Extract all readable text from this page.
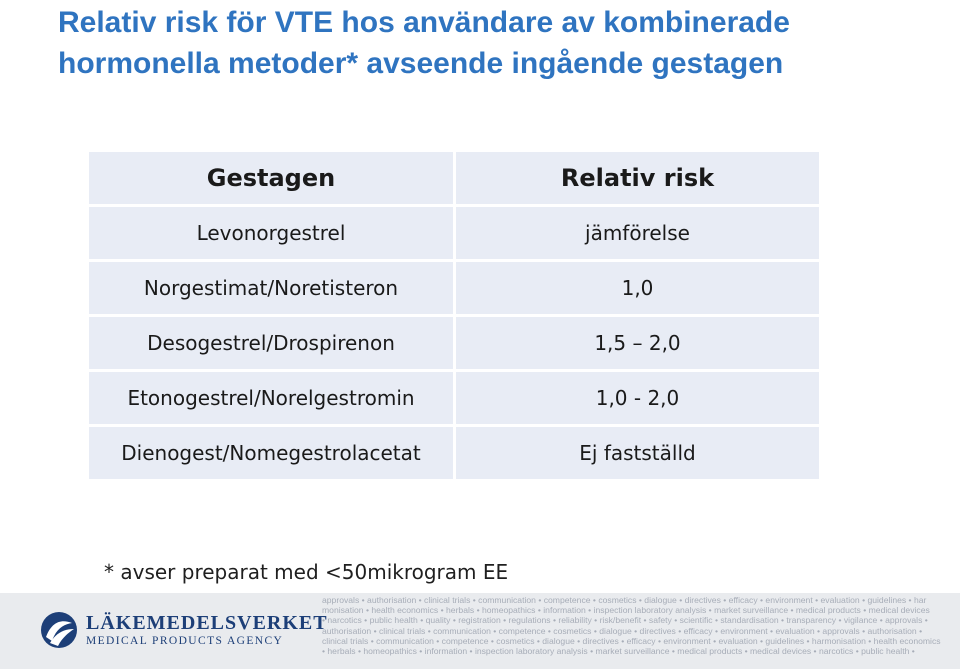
Relativ risk för VTE hos användare av kombinerade
hormonella metoder* avseende ingående gestagen
Gestagen	Relativ risk
Levonorgestrel	jämförelse
Norgestimat/Noretisteron	1,0
Desogestrel/Drospirenon	1,5 – 2,0
Etonogestrel/Norelgestromin	1,0 - 2,0
Dienogest/Nomegestrolacetat	Ej fastställd
* avser preparat med <50mikrogram EE
LÄKEMEDELSVERKET
MEDICAL PRODUCTS AGENCY
approvals • authorisation • clinical trials • communication • competence • cosmetics • dialogue • directives • efficacy • environment • evaluation • guidelines • har
monisation • health economics • herbals • homeopathics • information • inspection laboratory analysis • market surveillance • medical products • medical devices
• narcotics • public health • quality • registration • regulations • reliability • risk/benefit • safety • scientific • standardisation • transparency • vigilance • approvals •
authorisation • clinical trials • communication • competence • cosmetics • dialogue • directives • efficacy • environment • evaluation • approvals • authorisation •
clinical trials • communication • competence • cosmetics • dialogue • directives • efficacy • environment • evaluation • guidelines • harmonisation • health economics
• herbals • homeopathics • information • inspection laboratory analysis • market surveillance • medical products • medical devices • narcotics • public health •
